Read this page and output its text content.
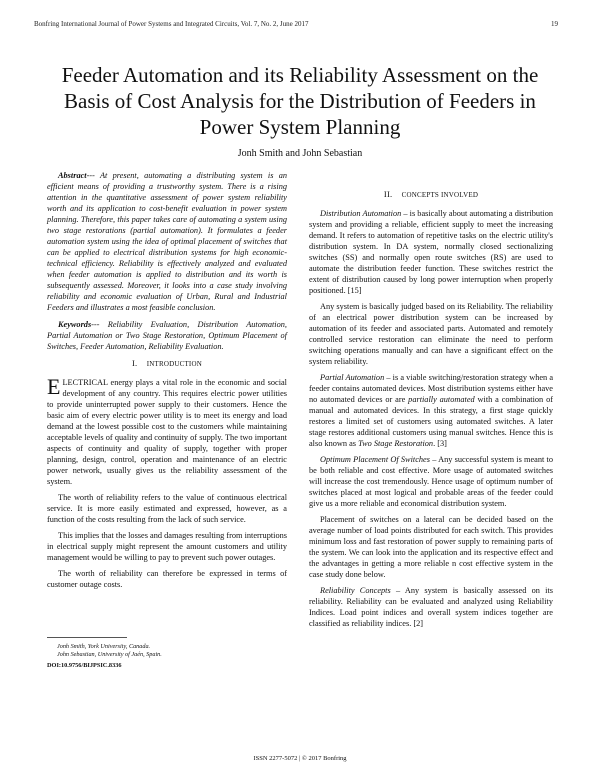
Bonfring International Journal of Power Systems and Integrated Circuits, Vol. 7, No. 2, June 2017	19
Feeder Automation and its Reliability Assessment on the Basis of Cost Analysis for the Distribution of Feeders in Power System Planning
Jonh Smith and John Sebastian

Abstract--- At present, automating a distributing system is an efficient means of providing a trustworthy system. There is a rising attention in the quantitative assessment of power system reliability worth and its application to cost-benefit evaluation in power system planning. Therefore, this paper takes care of automating a system using two stage restorations (partial automation). It formulates a feeder automation system using the idea of optimal placement of switches that can be applied to electrical distribution systems for high economic-technical efficiency. Reliability is effectively analyzed and evaluated when feeder automation is applied to distribution and its worth is subsequently assessed. Moreover, it looks into a case study involving reliability and economic evaluation of Urban, Rural and Industrial Feeders and illustrates a most feasible conclusion.

Keywords--- Reliability Evaluation, Distribution Automation, Partial Automation or Two Stage Restoration, Optimum Placement of Switches, Feeder Automation, Reliability Evaluation.

I. INTRODUCTION

ELECTRICAL energy plays a vital role in the economic and social development of any country. This requires electric power utilities to provide uninterrupted power supply to their customers. Hence the basic aim of every electric power utility is to meet its energy and load demand at the lowest possible cost to the customers while maintaining acceptable levels of quality and continuity of supply. The two important aspects of continuity and quality of supply, together with proper planning, design, control, operation and maintenance of an electric power network, usually gives us the reliability assessment of the system.

The worth of reliability refers to the value of continuous electrical service. It is more easily estimated and expressed, however, as a function of the costs resulting from the lack of such service.

This implies that the losses and damages resulting from interruptions in electrical supply might represent the amount customers and utility management would be willing to pay to prevent such power outages.

The worth of reliability can therefore be expressed in terms of customer outage costs.

II. CONCEPTS INVOLVED

Distribution Automation – is basically about automating a distribution system and providing a reliable, efficient supply to meet the increasing demand. It refers to automation of repetitive tasks on the electric utility's distribution system. In DA system, normally closed sectionalizing switches (SS) and normally open route switches (RS) are used to automate the distribution feeder function. These switches restrict the extent of distribution caused by long power interruption when properly positioned. [15]

Any system is basically judged based on its Reliability. The reliability of an electrical power distribution system can be increased by automation of its feeder and associated parts. Automated and remotely controlled service restoration can eliminate the need to perform switching operations manually and can have a significant effect on the system reliability.

Partial Automation – is a viable switching/restoration strategy when a feeder contains automated devices. Most distribution systems either have no automated devices or are partially automated with a combination of manual and automated devices. In this strategy, a first stage quickly restores a limited set of customers using automated switches. A later stage restores additional customers using manual switches. Hence this is also known as Two Stage Restoration. [3]

Optimum Placement Of Switches – Any successful system is meant to be both reliable and cost effective. More usage of automated switches will increase the cost tremendously. Hence usage of optimum number of switches placed at most logical and probable areas of the feeder could give us a more reliable and economical distribution system.

Placement of switches on a lateral can be decided based on the average number of load points distributed for each switch. This provides minimum loss and fast restoration of power supply to remaining parts of the system. We can look into the application and its respective effect and the advantages in getting a more reliable n cost effective system in the case study done below.

Reliability Concepts – Any system is basically assessed on its reliability. Reliability can be evaluated and analyzed using Reliability Indices. Load point indices and overall system indices together are classified as reliability indices. [2]

Jonh Smith, York University, Canada.
John Sebastian, University of Jaén, Spain.
DOI:10.9756/BIJPSIC.8336
ISSN 2277-5072 | © 2017 Bonfring
